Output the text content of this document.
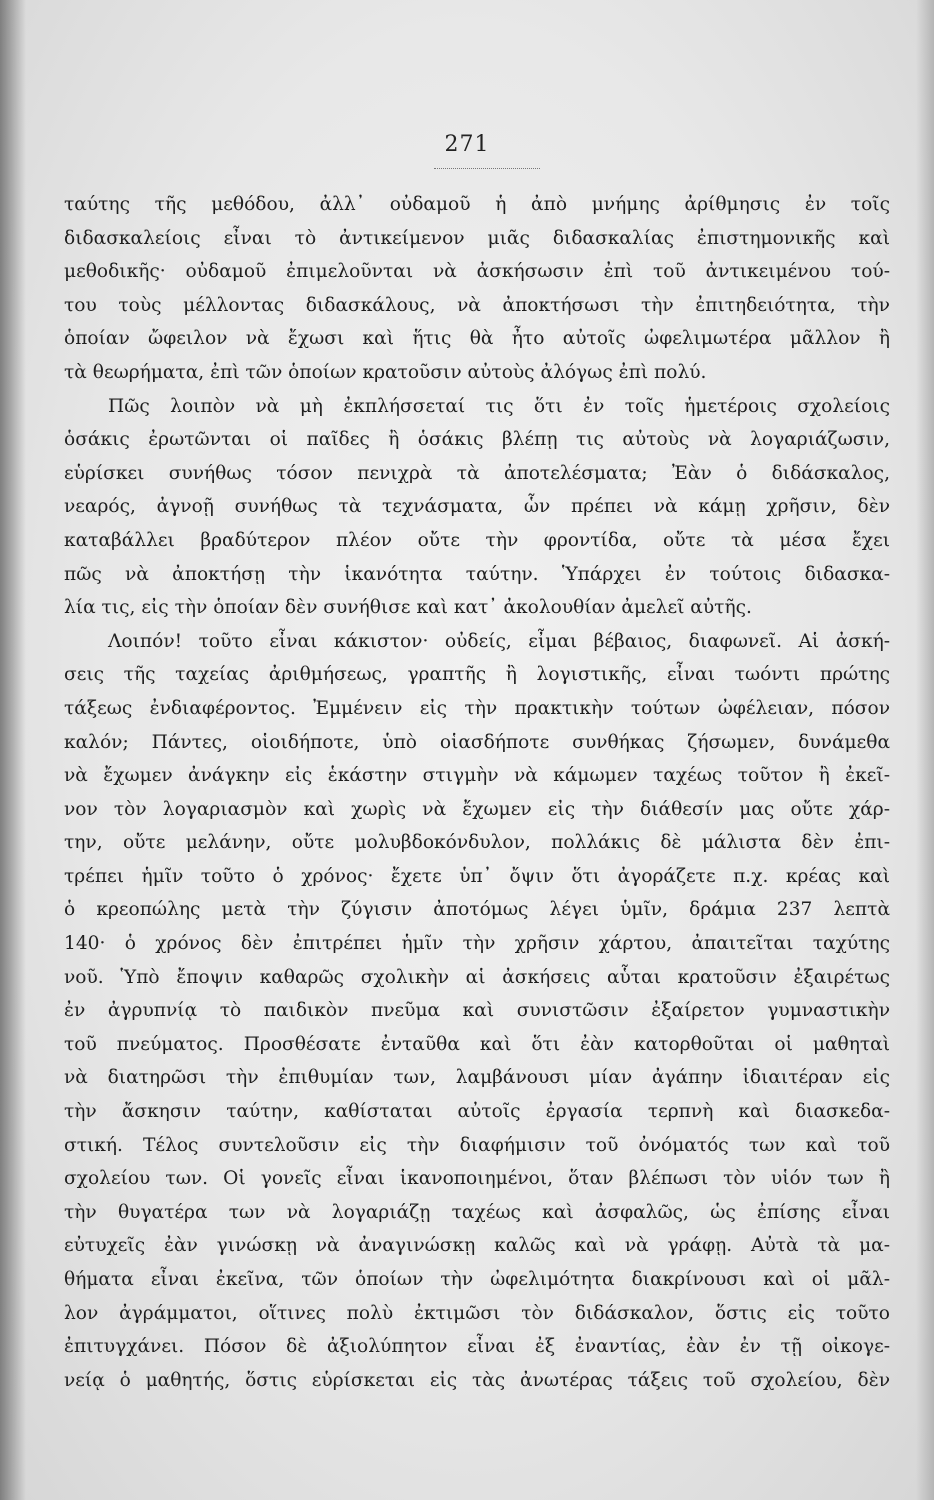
271
ταύτης τῆς μεθόδου, ἀλλ᾽ οὐδαμοῦ ἡ ἀπὸ μνήμης ἀρίθμησις ἐν τοῖς
διδασκαλείοις εἶναι τὸ ἀντικείμενον μιᾶς διδασκαλίας ἐπιστημονικῆς καὶ
μεθοδικῆς· οὐδαμοῦ ἐπιμελοῦνται νὰ ἀσκήσωσιν ἐπὶ τοῦ ἀντικειμένου τού-
του τοὺς μέλλοντας διδασκάλους, νὰ ἀποκτήσωσι τὴν ἐπιτηδειότητα, τὴν
ὁποίαν ὤφειλον νὰ ἔχωσι καὶ ἥτις θὰ ἦτο αὐτοῖς ὠφελιμωτέρα μᾶλλον ἢ
τὰ θεωρήματα, ἐπὶ τῶν ὁποίων κρατοῦσιν αὐτοὺς ἀλόγως ἐπὶ πολύ.
Πῶς λοιπὸν νὰ μὴ ἐκπλήσσεταί τις ὅτι ἐν τοῖς ἡμετέροις σχολείοις
ὁσάκις ἐρωτῶνται οἱ παῖδες ἢ ὁσάκις βλέπῃ τις αὐτοὺς νὰ λογαριάζωσιν,
εὑρίσκει συνήθως τόσον πενιχρὰ τὰ ἀποτελέσματα; Ἐὰν ὁ διδάσκαλος,
νεαρός, ἀγνοῇ συνήθως τὰ τεχνάσματα, ὧν πρέπει νὰ κάμῃ χρῆσιν, δὲν
καταβάλλει βραδύτερον πλέον οὔτε τὴν φροντίδα, οὔτε τὰ μέσα ἔχει
πῶς νὰ ἀποκτήσῃ τὴν ἱκανότητα ταύτην. Ὑπάρχει ἐν τούτοις διδασκα-
λία τις, εἰς τὴν ὁποίαν δὲν συνήθισε καὶ κατ᾽ ἀκολουθίαν ἀμελεῖ αὐτῆς.
Λοιπόν! τοῦτο εἶναι κάκιστον· οὐδείς, εἶμαι βέβαιος, διαφωνεῖ. Αἱ ἀσκή-
σεις τῆς ταχείας ἀριθμήσεως, γραπτῆς ἢ λογιστικῆς, εἶναι τωόντι πρώτης
τάξεως ἐνδιαφέροντος. Ἐμμένειν εἰς τὴν πρακτικὴν τούτων ὠφέλειαν, πόσον
καλόν; Πάντες, οἱοιδήποτε, ὑπὸ οἱασδήποτε συνθήκας ζήσωμεν, δυνάμεθα
νὰ ἔχωμεν ἀνάγκην εἰς ἑκάστην στιγμὴν νὰ κάμωμεν ταχέως τοῦτον ἢ ἐκεῖ-
νον τὸν λογαριασμὸν καὶ χωρὶς νὰ ἔχωμεν εἰς τὴν διάθεσίν μας οὔτε χάρ-
την, οὔτε μελάνην, οὔτε μολυβδοκόνδυλον, πολλάκις δὲ μάλιστα δὲν ἐπι-
τρέπει ἡμῖν τοῦτο ὁ χρόνος· ἔχετε ὑπ᾽ ὄψιν ὅτι ἀγοράζετε π.χ. κρέας καὶ
ὁ κρεοπώλης μετὰ τὴν ζύγισιν ἀποτόμως λέγει ὑμῖν, δράμια 237 λεπτὰ
140· ὁ χρόνος δὲν ἐπιτρέπει ἡμῖν τὴν χρῆσιν χάρτου, ἀπαιτεῖται ταχύτης
νοῦ. Ὑπὸ ἔποψιν καθαρῶς σχολικὴν αἱ ἀσκήσεις αὗται κρατοῦσιν ἐξαιρέτως
ἐν ἀγρυπνίᾳ τὸ παιδικὸν πνεῦμα καὶ συνιστῶσιν ἐξαίρετον γυμναστικὴν
τοῦ πνεύματος. Προσθέσατε ἐνταῦθα καὶ ὅτι ἐὰν κατορθοῦται οἱ μαθηταὶ
νὰ διατηρῶσι τὴν ἐπιθυμίαν των, λαμβάνουσι μίαν ἀγάπην ἰδιαιτέραν εἰς
τὴν ἄσκησιν ταύτην, καθίσταται αὐτοῖς ἐργασία τερπνὴ καὶ διασκεδα-
στική. Τέλος συντελοῦσιν εἰς τὴν διαφήμισιν τοῦ ὀνόματός των καὶ τοῦ
σχολείου των. Οἱ γονεῖς εἶναι ἱκανοποιημένοι, ὅταν βλέπωσι τὸν υἱόν των ἢ
τὴν θυγατέρα των νὰ λογαριάζῃ ταχέως καὶ ἀσφαλῶς, ὡς ἐπίσης εἶναι
εὐτυχεῖς ἐὰν γινώσκῃ νὰ ἀναγινώσκῃ καλῶς καὶ νὰ γράφῃ. Αὐτὰ τὰ μα-
θήματα εἶναι ἐκεῖνα, τῶν ὁποίων τὴν ὠφελιμότητα διακρίνουσι καὶ οἱ μᾶλ-
λον ἀγράμματοι, οἵτινες πολὺ ἐκτιμῶσι τὸν διδάσκαλον, ὅστις εἰς τοῦτο
ἐπιτυγχάνει. Πόσον δὲ ἀξιολύπητον εἶναι ἐξ ἐναντίας, ἐὰν ἐν τῇ οἰκογε-
νείᾳ ὁ μαθητής, ὅστις εὑρίσκεται εἰς τὰς ἀνωτέρας τάξεις τοῦ σχολείου, δὲν
